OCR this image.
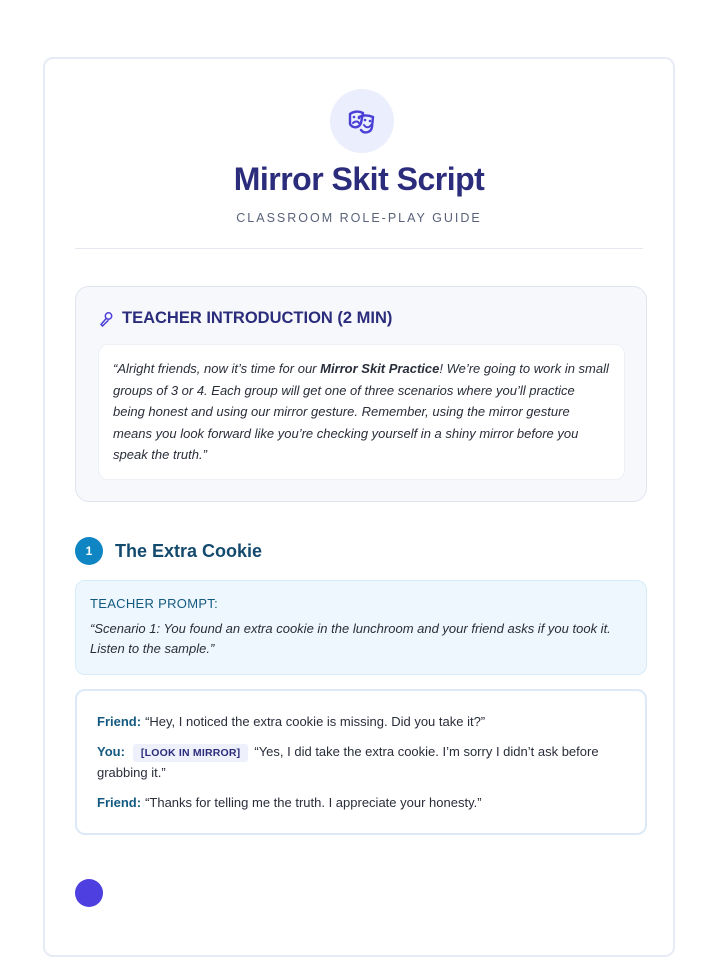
Mirror Skit Script
CLASSROOM ROLE-PLAY GUIDE
TEACHER INTRODUCTION (2 MIN)
“Alright friends, now it’s time for our Mirror Skit Practice! We’re going to work in small groups of 3 or 4. Each group will get one of three scenarios where you’ll practice being honest and using our mirror gesture. Remember, using the mirror gesture means you look forward like you’re checking yourself in a shiny mirror before you speak the truth.”
1	The Extra Cookie
TEACHER PROMPT:
“Scenario 1: You found an extra cookie in the lunchroom and your friend asks if you took it. Listen to the sample.”
Friend: “Hey, I noticed the extra cookie is missing. Did you take it?”
You: [LOOK IN MIRROR] “Yes, I did take the extra cookie. I’m sorry I didn’t ask before grabbing it.”
Friend: “Thanks for telling me the truth. I appreciate your honesty.”
